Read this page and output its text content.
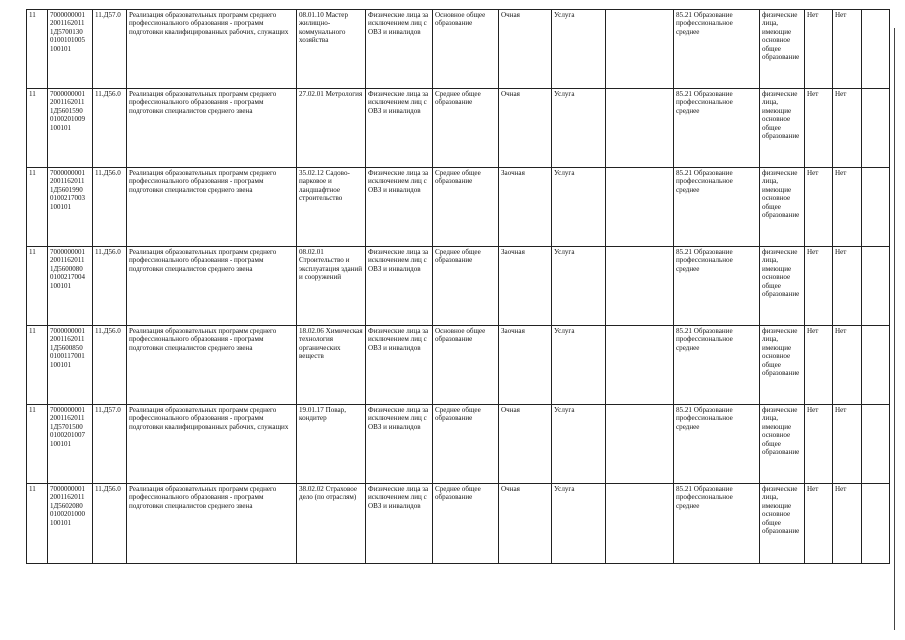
11	7000000001 2001162011 1Д5700130 0100101005 100101	11.Д57.0	Реализация образовательных программ среднего профессионального образования - программ подготовки квалифицированных рабочих, служащих	08.01.10 Мастер жилищно-коммунального хозяйства	Физические лица за исключением лиц с ОВЗ и инвалидов	Основное общее образование	Очная	Услуга		85.21 Образование профессиональное среднее	физические лица, имеющие основное общее образование	Нет	Нет	
11	7000000001 2001162011 1Д5601590 0100201009 100101	11.Д56.0	Реализация образовательных программ среднего профессионального образования - программ подготовки специалистов среднего звена	27.02.01 Метрология	Физические лица за исключением лиц с ОВЗ и инвалидов	Среднее общее образование	Очная	Услуга		85.21 Образование профессиональное среднее	физические лица, имеющие основное общее образование	Нет	Нет	
11	7000000001 2001162011 1Д5601990 0100217003 100101	11.Д56.0	Реализация образовательных программ среднего профессионального образования - программ подготовки специалистов среднего звена	35.02.12 Садово-парковое и ландшафтное строительство	Физические лица за исключением лиц с ОВЗ и инвалидов	Среднее общее образование	Заочная	Услуга		85.21 Образование профессиональное среднее	физические лица, имеющие основное общее образование	Нет	Нет	
11	7000000001 2001162011 1Д5600080 0100217004 100101	11.Д56.0	Реализация образовательных программ среднего профессионального образования - программ подготовки специалистов среднего звена	08.02.01 Строительство и эксплуатация зданий и сооружений	Физические лица за исключением лиц с ОВЗ и инвалидов	Среднее общее образование	Заочная	Услуга		85.21 Образование профессиональное среднее	физические лица, имеющие основное общее образование	Нет	Нет	
11	7000000001 2001162011 1Д5600850 0100117001 100101	11.Д56.0	Реализация образовательных программ среднего профессионального образования - программ подготовки специалистов среднего звена	18.02.06 Химическая технология органических веществ	Физические лица за исключением лиц с ОВЗ и инвалидов	Основное общее образование	Заочная	Услуга		85.21 Образование профессиональное среднее	физические лица, имеющие основное общее образование	Нет	Нет	
11	7000000001 2001162011 1Д5701500 0100201007 100101	11.Д57.0	Реализация образовательных программ среднего профессионального образования - программ подготовки квалифицированных рабочих, служащих	19.01.17 Повар, кондитер	Физические лица за исключением лиц с ОВЗ и инвалидов	Среднее общее образование	Очная	Услуга		85.21 Образование профессиональное среднее	физические лица, имеющие основное общее образование	Нет	Нет	
11	7000000001 2001162011 1Д5602080 0100201000 100101	11.Д56.0	Реализация образовательных программ среднего профессионального образования - программ подготовки специалистов среднего звена	38.02.02 Страховое дело (по отраслям)	Физические лица за исключением лиц с ОВЗ и инвалидов	Среднее общее образование	Очная	Услуга		85.21 Образование профессиональное среднее	физические лица, имеющие основное общее образование	Нет	Нет	
